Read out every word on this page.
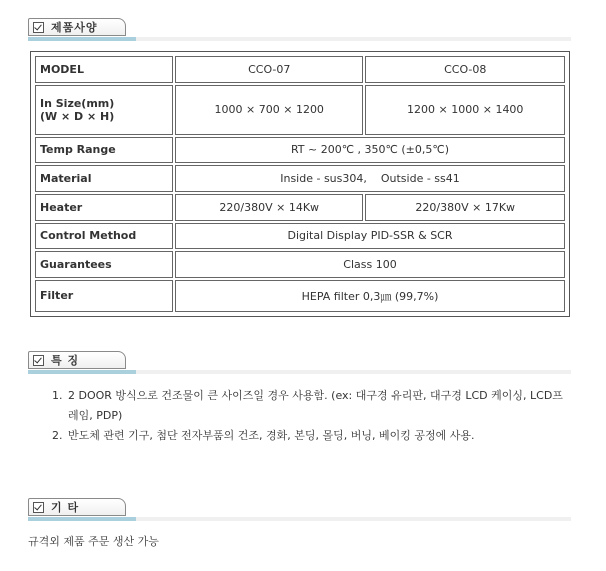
제품사양
MODEL	CCO-07	CCO-08

In Size(mm)
(W × D × H)	1000 × 700 × 1200	1200 × 1000 × 1400
Temp Range	RT ~ 200℃ , 350℃ (±0,5℃)	
Material	Inside - sus304,    Outside - ss41	
Heater	220/380V × 14Kw	220/380V × 17Kw
Control Method	Digital Display PID-SSR & SCR	
Guarantees	Class 100	
Filter	HEPA filter 0,3㎛ (99,7%)	
특 징
1. 2 DOOR 방식으로 건조물이 큰 사이즈일 경우 사용함. (ex: 대구경 유리판, 대구경 LCD 케이싱, LCD프레임, PDP)
2. 반도체 관련 기구, 첨단 전자부품의 건조, 경화, 본딩, 몰딩, 버닝, 베이킹 공정에 사용.
기 타
규격외 제품 주문 생산 가능
